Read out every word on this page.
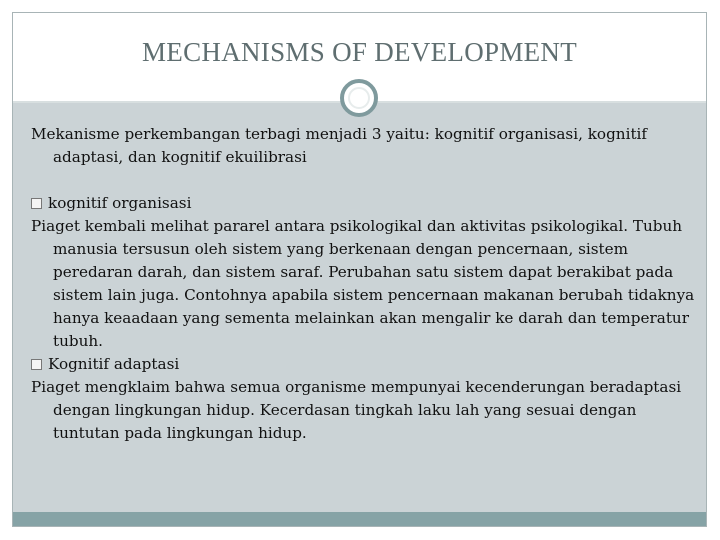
MECHANISMS OF DEVELOPMENT

Mekanisme perkembangan terbagi menjadi 3 yaitu: kognitif organisasi, kognitif adaptasi, dan kognitif ekuilibrasi

kognitif organisasi

Piaget kembali melihat pararel antara psikologikal dan aktivitas psikologikal. Tubuh manusia tersusun oleh sistem yang berkenaan dengan pencernaan, sistem peredaran darah, dan sistem saraf. Perubahan satu sistem dapat berakibat pada sistem lain juga. Contohnya apabila sistem pencernaan makanan berubah tidaknya hanya keaadaan yang sementa melainkan akan mengalir ke darah dan temperatur tubuh.

Kognitif adaptasi

Piaget mengklaim bahwa semua organisme mempunyai kecenderungan beradaptasi dengan lingkungan hidup. Kecerdasan tingkah laku lah yang sesuai dengan tuntutan pada lingkungan hidup.
